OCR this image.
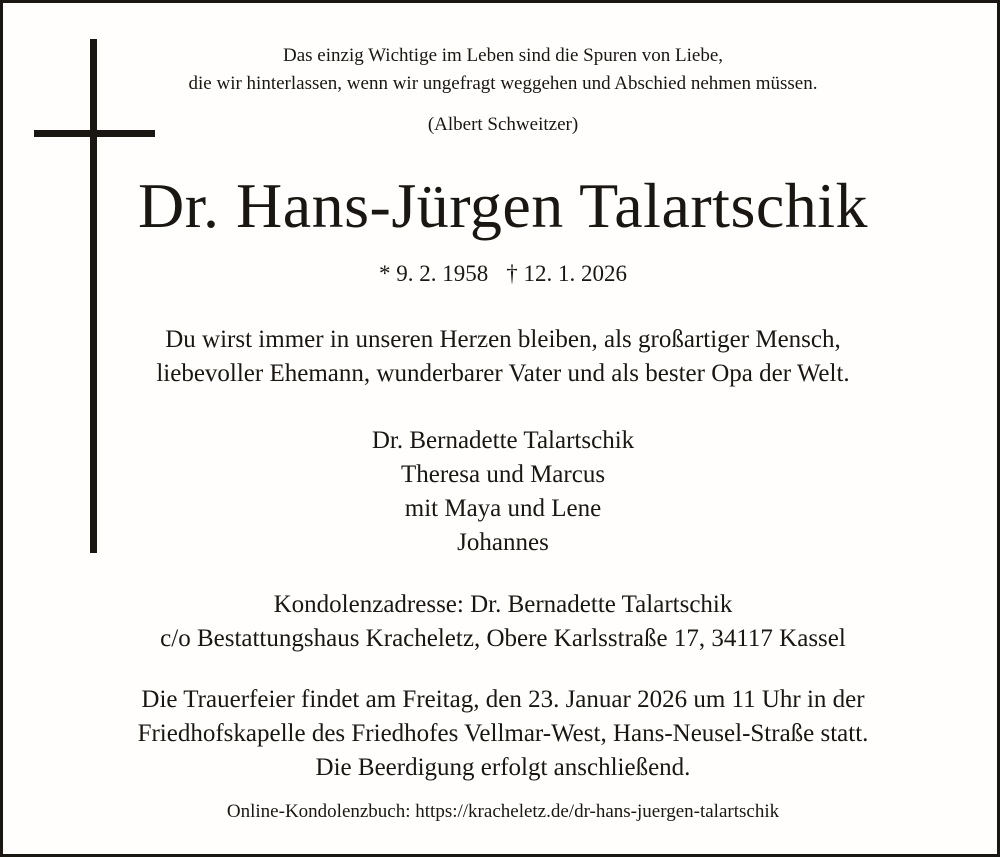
Das einzig Wichtige im Leben sind die Spuren von Liebe,
die wir hinterlassen, wenn wir ungefragt weggehen und Abschied nehmen müssen.
(Albert Schweitzer)
Dr. Hans-Jürgen Talartschik
* 9. 2. 1958 † 12. 1. 2026
Du wirst immer in unseren Herzen bleiben, als großartiger Mensch,
liebevoller Ehemann, wunderbarer Vater und als bester Opa der Welt.
Dr. Bernadette Talartschik
Theresa und Marcus
mit Maya und Lene
Johannes
Kondolenzadresse: Dr. Bernadette Talartschik
c/o Bestattungshaus Kracheletz, Obere Karlsstraße 17, 34117 Kassel
Die Trauerfeier findet am Freitag, den 23. Januar 2026 um 11 Uhr in der
Friedhofskapelle des Friedhofes Vellmar-West, Hans-Neusel-Straße statt.
Die Beerdigung erfolgt anschließend.
Online-Kondolenzbuch: https://kracheletz.de/dr-hans-juergen-talartschik
